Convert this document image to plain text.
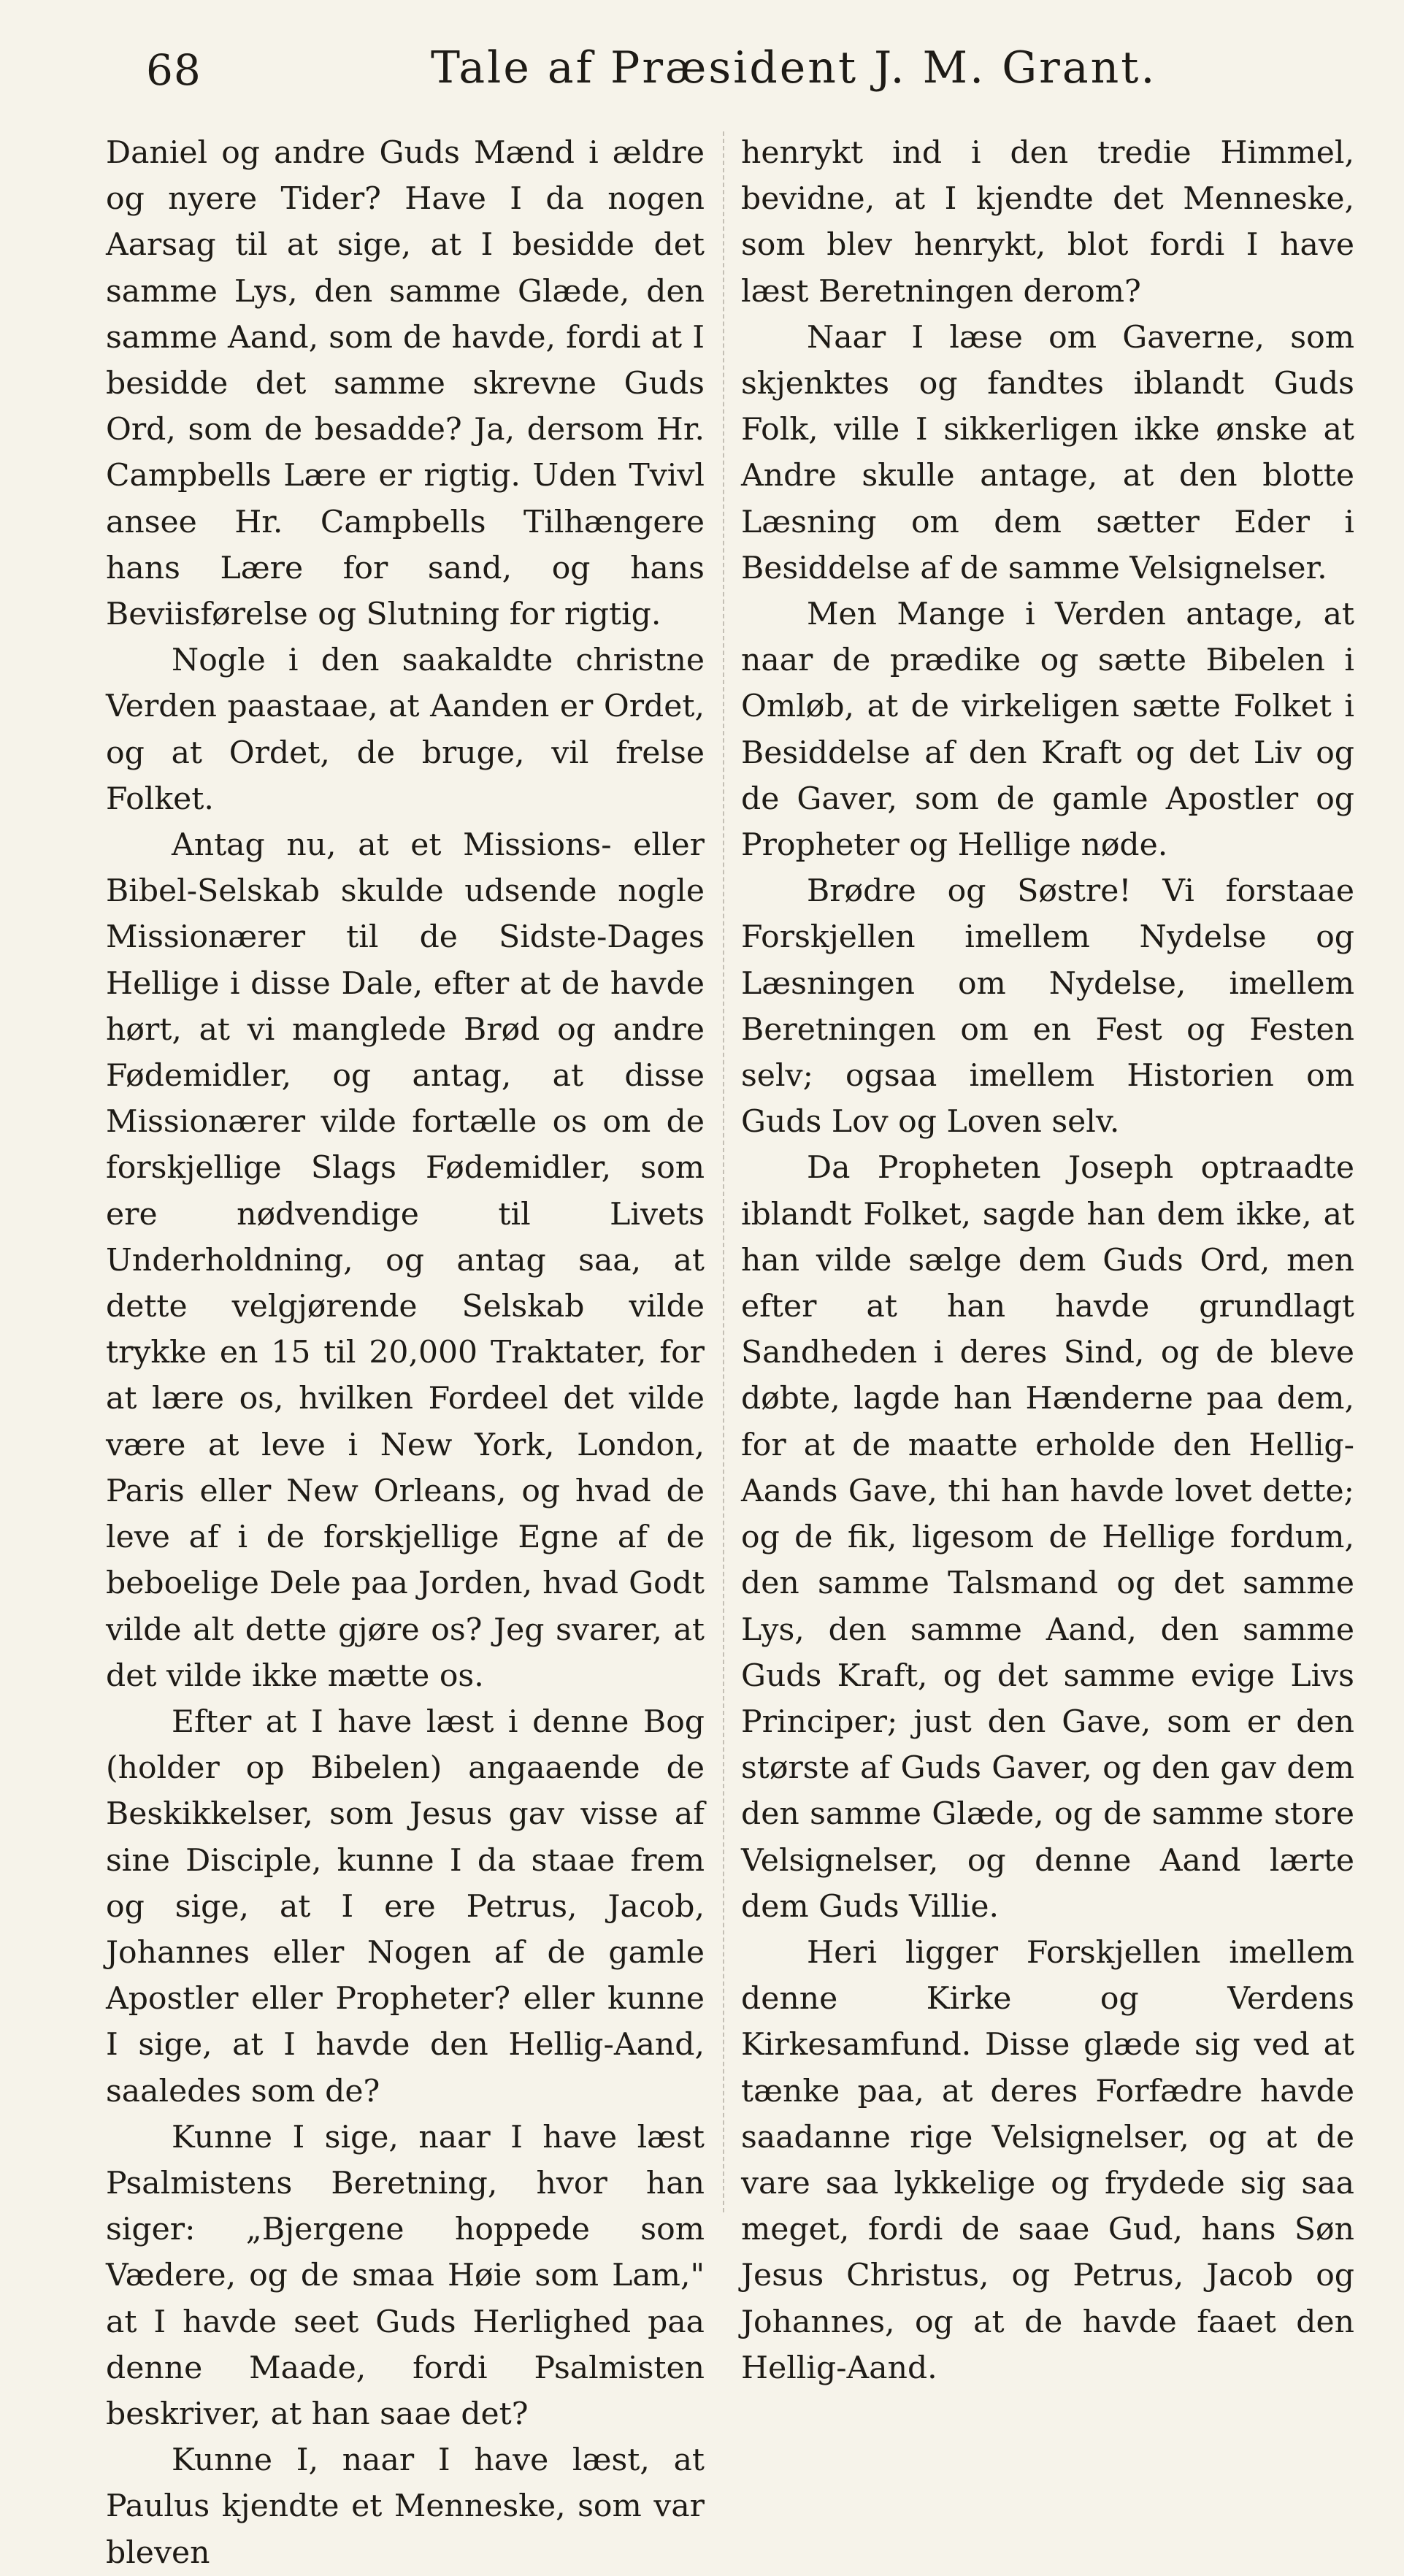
68	Tale af Præsident J. M. Grant.

Daniel og andre Guds Mænd i ældre og nyere Tider? Have I da nogen Aarsag til at sige, at I besidde det samme Lys, den samme Glæde, den samme Aand, som de havde, fordi at I besidde det samme skrevne Guds Ord, som de besadde? Ja, dersom Hr. Campbells Lære er rigtig. Uden Tvivl ansee Hr. Campbells Tilhængere hans Lære for sand, og hans Beviisførelse og Slutning for rigtig.

Nogle i den saakaldte christne Verden paastaae, at Aanden er Ordet, og at Ordet, de bruge, vil frelse Folket.

Antag nu, at et Missions- eller Bibel-Selskab skulde udsende nogle Missionærer til de Sidste-Dages Hellige i disse Dale, efter at de havde hørt, at vi manglede Brød og andre Fødemidler, og antag, at disse Missionærer vilde fortælle os om de forskjellige Slags Fødemidler, som ere nødvendige til Livets Underholdning, og antag saa, at dette velgjørende Selskab vilde trykke en 15 til 20,000 Traktater, for at lære os, hvilken Fordeel det vilde være at leve i New York, London, Paris eller New Orleans, og hvad de leve af i de forskjellige Egne af de beboelige Dele paa Jorden, hvad Godt vilde alt dette gjøre os? Jeg svarer, at det vilde ikke mætte os.

Efter at I have læst i denne Bog (holder op Bibelen) angaaende de Beskikkelser, som Jesus gav visse af sine Disciple, kunne I da staae frem og sige, at I ere Petrus, Jacob, Johannes eller Nogen af de gamle Apostler eller Propheter? eller kunne I sige, at I havde den Hellig-Aand, saaledes som de?

Kunne I sige, naar I have læst Psalmistens Beretning, hvor han siger: „Bjergene hoppede som Vædere, og de smaa Høie som Lam," at I havde seet Guds Herlighed paa denne Maade, fordi Psalmisten beskriver, at han saae det?

Kunne I, naar I have læst, at Paulus kjendte et Menneske, som var bleven

henrykt ind i den tredie Himmel, bevidne, at I kjendte det Menneske, som blev henrykt, blot fordi I have læst Beretningen derom?

Naar I læse om Gaverne, som skjenktes og fandtes iblandt Guds Folk, ville I sikkerligen ikke ønske at Andre skulle antage, at den blotte Læsning om dem sætter Eder i Besiddelse af de samme Velsignelser.

Men Mange i Verden antage, at naar de prædike og sætte Bibelen i Omløb, at de virkeligen sætte Folket i Besiddelse af den Kraft og det Liv og de Gaver, som de gamle Apostler og Propheter og Hellige nøde.

Brødre og Søstre! Vi forstaae Forskjellen imellem Nydelse og Læsningen om Nydelse, imellem Beretningen om en Fest og Festen selv; ogsaa imellem Historien om Guds Lov og Loven selv.

Da Propheten Joseph optraadte iblandt Folket, sagde han dem ikke, at han vilde sælge dem Guds Ord, men efter at han havde grundlagt Sandheden i deres Sind, og de bleve døbte, lagde han Hænderne paa dem, for at de maatte erholde den Hellig-Aands Gave, thi han havde lovet dette; og de fik, ligesom de Hellige fordum, den samme Talsmand og det samme Lys, den samme Aand, den samme Guds Kraft, og det samme evige Livs Principer; just den Gave, som er den største af Guds Gaver, og den gav dem den samme Glæde, og de samme store Velsignelser, og denne Aand lærte dem Guds Villie.

Heri ligger Forskjellen imellem denne Kirke og Verdens Kirkesamfund. Disse glæde sig ved at tænke paa, at deres Forfædre havde saadanne rige Velsignelser, og at de vare saa lykkelige og frydede sig saa meget, fordi de saae Gud, hans Søn Jesus Christus, og Petrus, Jacob og Johannes, og at de havde faaet den Hellig-Aand.
